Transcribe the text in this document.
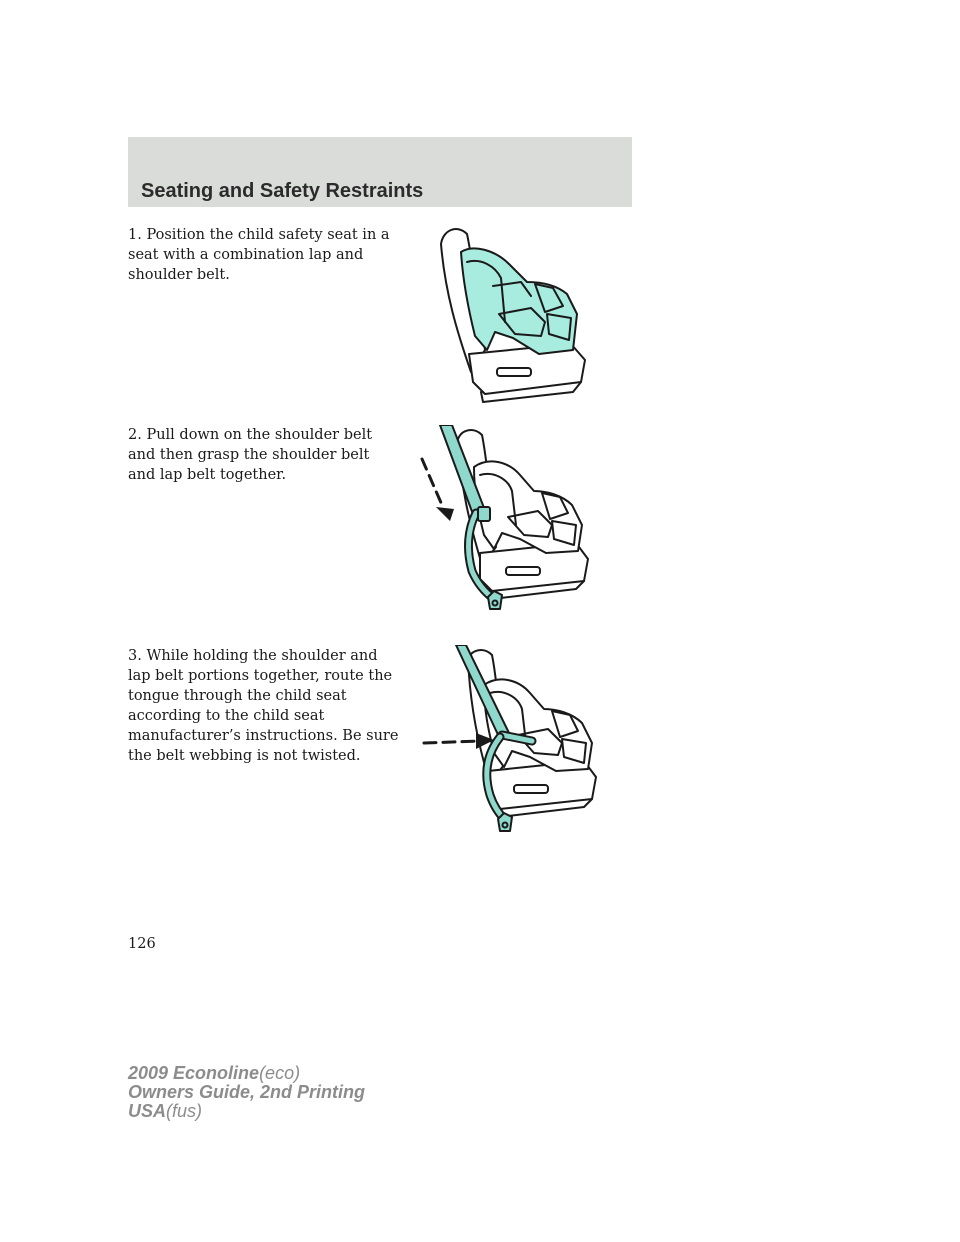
Seating and Safety Restraints
1. Position the child safety seat in a seat with a combination lap and shoulder belt.
2. Pull down on the shoulder belt and then grasp the shoulder belt and lap belt together.
3. While holding the shoulder and lap belt portions together, route the tongue through the child seat according to the child seat manufacturer’s instructions. Be sure the belt webbing is not twisted.
126
2009 Econoline(eco)
Owners Guide, 2nd Printing
USA(fus)
